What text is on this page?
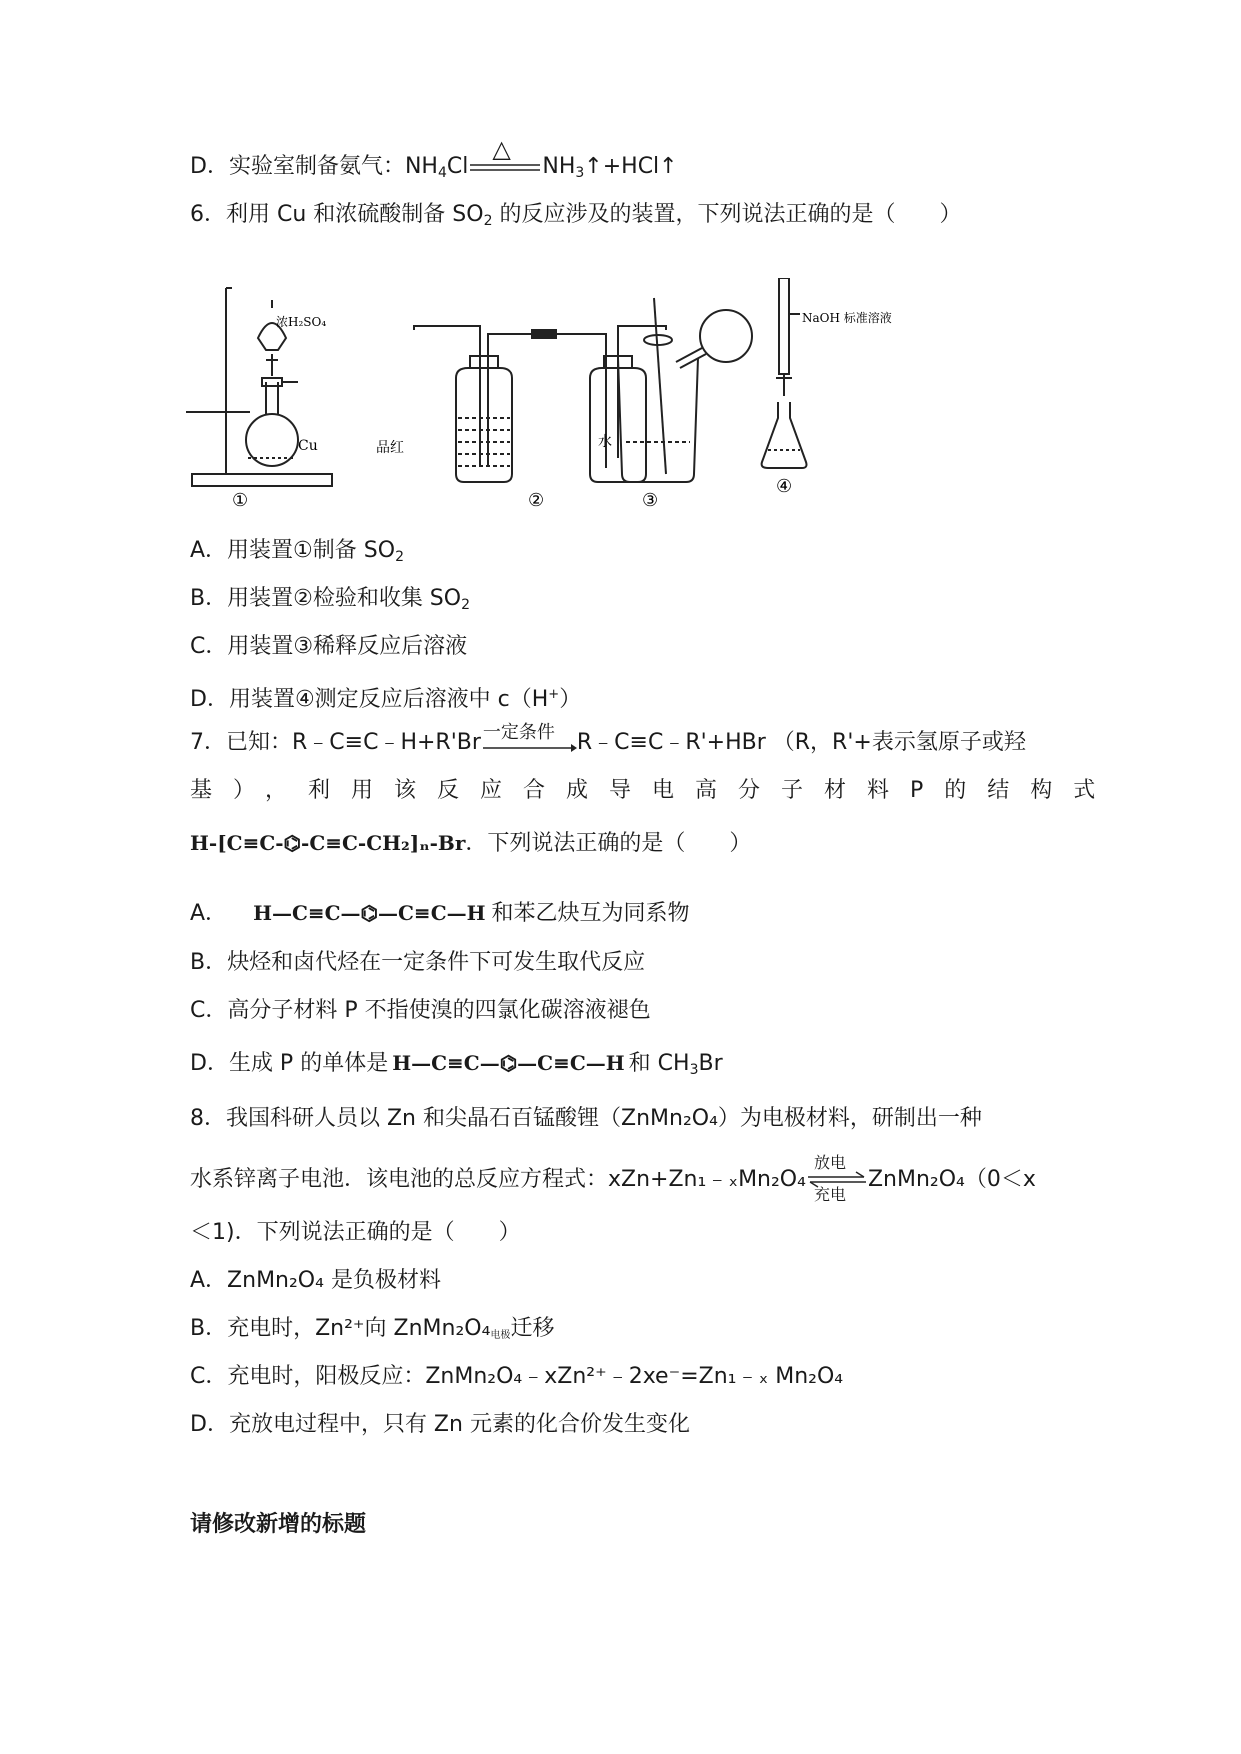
D．实验室制备氨气：$NH_4Cl$
△
$NH_3↑+HCl↑$
6．利用 Cu 和浓硫酸制备 $SO_2$ 的反应涉及的装置，下列说法正确的是（　　）
浓H₂SO₄
Cu	品红	水
NaOH 标准溶液
①	②	③
④
A．用装置①制备 $SO_2$
B．用装置②检验和收集 $SO_2$
C．用装置③稀释反应后溶液
D．用装置④测定反应后溶液中 c（H+）
7．已知：R﹣C≡C﹣H+R'Br 一定条件 R﹣C≡C﹣R'+HBr （R，R'+表示氢原子或羟
基），利用该反应合成导电高分子材料P的结构式
H-[C≡C-⌬-C≡C-CH₂]ₙ-Br．下列说法正确的是（　　）
A． H—C≡C—⌬—C≡C—H 和苯乙炔互为同系物
B．炔烃和卤代烃在一定条件下可发生取代反应
C．高分子材料 P 不指使溴的四氯化碳溶液褪色
D．生成 P 的单体是 H—C≡C—⌬—C≡C—H 和 $CH_3Br$
8．我国科研人员以 Zn 和尖晶石百锰酸锂（ZnMn₂O₄）为电极材料，研制出一种
水系锌离子电池．该电池的总反应方程式：xZn+Zn₁﹣ₓMn₂O₄
放电
充电
ZnMn₂O₄（0＜x
＜1)．下列说法正确的是（　　）
A．ZnMn₂O₄ 是负极材料
B．充电时，Zn²⁺向 ZnMn₂O₄电极迁移
C．充电时，阳极反应：ZnMn₂O₄﹣xZn²⁺﹣2xe⁻=Zn₁﹣ₓ Mn₂O₄
D．充放电过程中，只有 Zn 元素的化合价发生变化
请修改新增的标题
